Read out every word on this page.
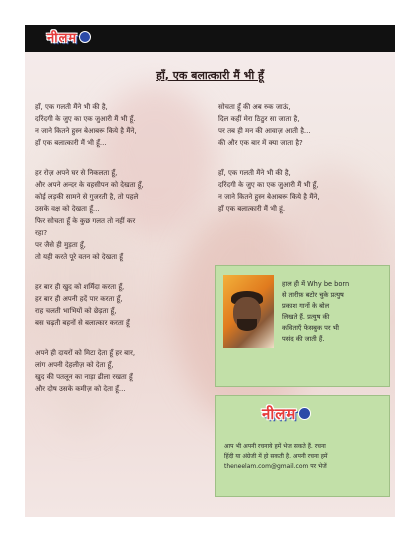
नीलम
हाँ, एक बलात्कारी मैं भी हूँ
हाँ, एक गलती मैंने भी की है,
दरिंदगी के जुए का एक जुआरी मैं भी हूँ.
न जाने कितने हुस्न बेआबरू किये है मैंने,
हाँ एक बलात्कारी मैं भी हूँ...
हर रोज़ अपने घर से निकलता हूँ,
और अपने अन्दर के वहसीपन को देखता हूँ,
कोई लड़की सामने से गुजरती है, तो पहले
उसके वक्ष को देखता हूँ...
फिर सोचता हूँ के कुछ गलत तो नहीं कर
रहा?
पर जैसे ही मुड़ता हूँ,
तो यही करते पूरे वतन को देखता हूँ
हर बार ही खुद को शर्मिंदा करता हूँ,
हर बार ही अपनी हदें पार करता हूँ,
राह चलती भाभियों को छेड़ता हूँ,
बस चढ़ती बहनों से बलात्कार करता हूँ
अपने ही दायरों को मिटा देता हूँ हर बार,
लांग अपनी देहलीज़ को देता हूँ,
खुद की पतलून का नाड़ा ढीला रखता हूँ
और दोष उसके कमीज़ को देता हूँ...
सोचता हूँ की अब रुक जाऊं,
दिल कहीं मेरा ठिठुर सा जाता है,
पर तब ही मन की आवाज़ आती है...
की और एक बार में क्या जाता है?
हाँ, एक गलती मैंने भी की है,
दरिंदगी के जुए का एक जुआरी मैं भी हूँ,
न जाने कितने हुस्न बेआबरू किये है मैंने,
हाँ एक बलात्कारी मैं भी हूं.
हाल ही में Why be born
से तारीफ़ बटोर चुके प्रत्युष
प्रकाश गानों के बोल
लिखते हैं. प्रत्युष की
कविताएँ फेसबुक पर भी
पसंद की जाती हैं.
नीलम
आप भी अपनी रचनाये हमें भेज सकते हैं. रचना
हिंदी या अंग्रेजी में हो सकती है. अपनी रचना हमें
theneelam.com@gmail.com पर भेजें
